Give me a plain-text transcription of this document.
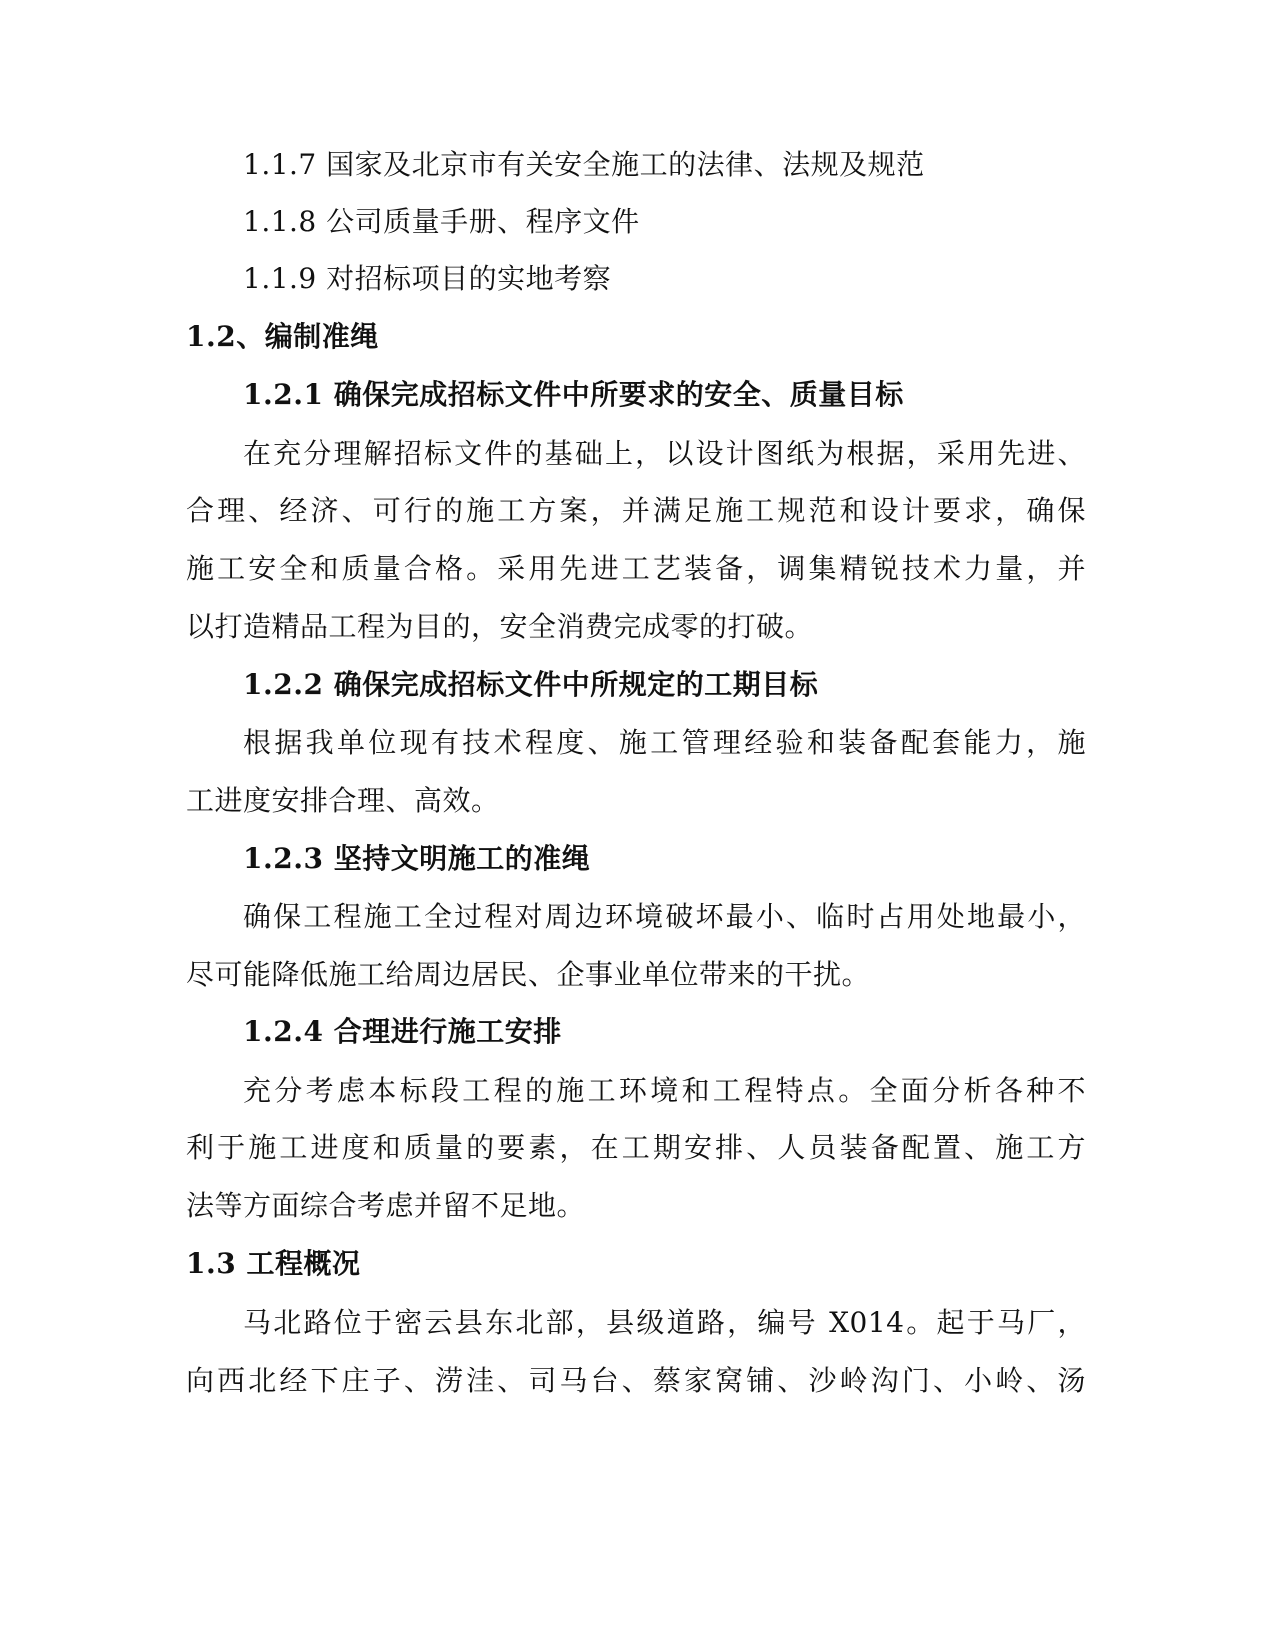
1.1.7 国家及北京市有关安全施工的法律、法规及规范
1.1.8 公司质量手册、程序文件
1.1.9 对招标项目的实地考察
1.2、编制准绳
1.2.1 确保完成招标文件中所要求的安全、质量目标
在充分理解招标文件的基础上，以设计图纸为根据，采用先进、
合理、经济、可行的施工方案，并满足施工规范和设计要求，确保
施工安全和质量合格。采用先进工艺装备，调集精锐技术力量，并
以打造精品工程为目的，安全消费完成零的打破。
1.2.2 确保完成招标文件中所规定的工期目标
根据我单位现有技术程度、施工管理经验和装备配套能力，施
工进度安排合理、高效。
1.2.3 坚持文明施工的准绳
确保工程施工全过程对周边环境破坏最小、临时占用处地最小，
尽可能降低施工给周边居民、企事业单位带来的干扰。
1.2.4 合理进行施工安排
充分考虑本标段工程的施工环境和工程特点。全面分析各种不
利于施工进度和质量的要素，在工期安排、人员装备配置、施工方
法等方面综合考虑并留不足地。
1.3 工程概况
马北路位于密云县东北部，县级道路，编号 X014。起于马厂，
向西北经下庄子、涝洼、司马台、蔡家窝铺、沙岭沟门、小岭、汤
